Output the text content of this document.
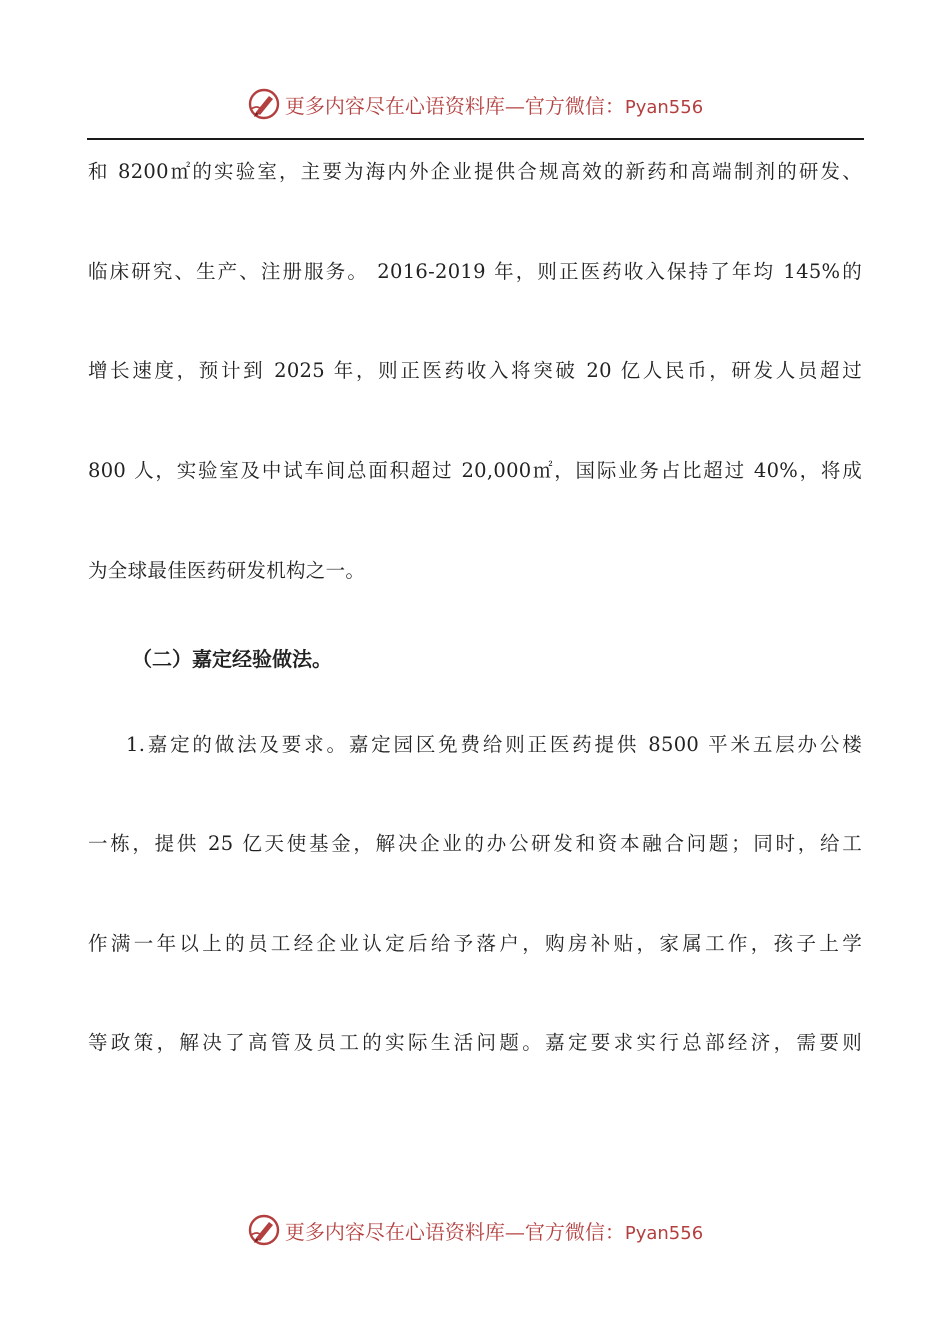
更多内容尽在心语资料库—官方微信：Pyan556
和 8200㎡的实验室，主要为海内外企业提供合规高效的新药和高端制剂的研发、
临床研究、生产、注册服务。 2016-2019 年，则正医药收入保持了年均 145%的
增长速度，预计到 2025 年，则正医药收入将突破 20 亿人民币，研发人员超过
800 人，实验室及中试车间总面积超过 20,000㎡，国际业务占比超过 40%，将成
为全球最佳医药研发机构之一。
（二）嘉定经验做法。
1.嘉定的做法及要求。嘉定园区免费给则正医药提供 8500 平米五层办公楼
一栋，提供 25 亿天使基金，解决企业的办公研发和资本融合问题；同时，给工
作满一年以上的员工经企业认定后给予落户，购房补贴，家属工作，孩子上学
等政策，解决了高管及员工的实际生活问题。嘉定要求实行总部经济，需要则
更多内容尽在心语资料库—官方微信：Pyan556
